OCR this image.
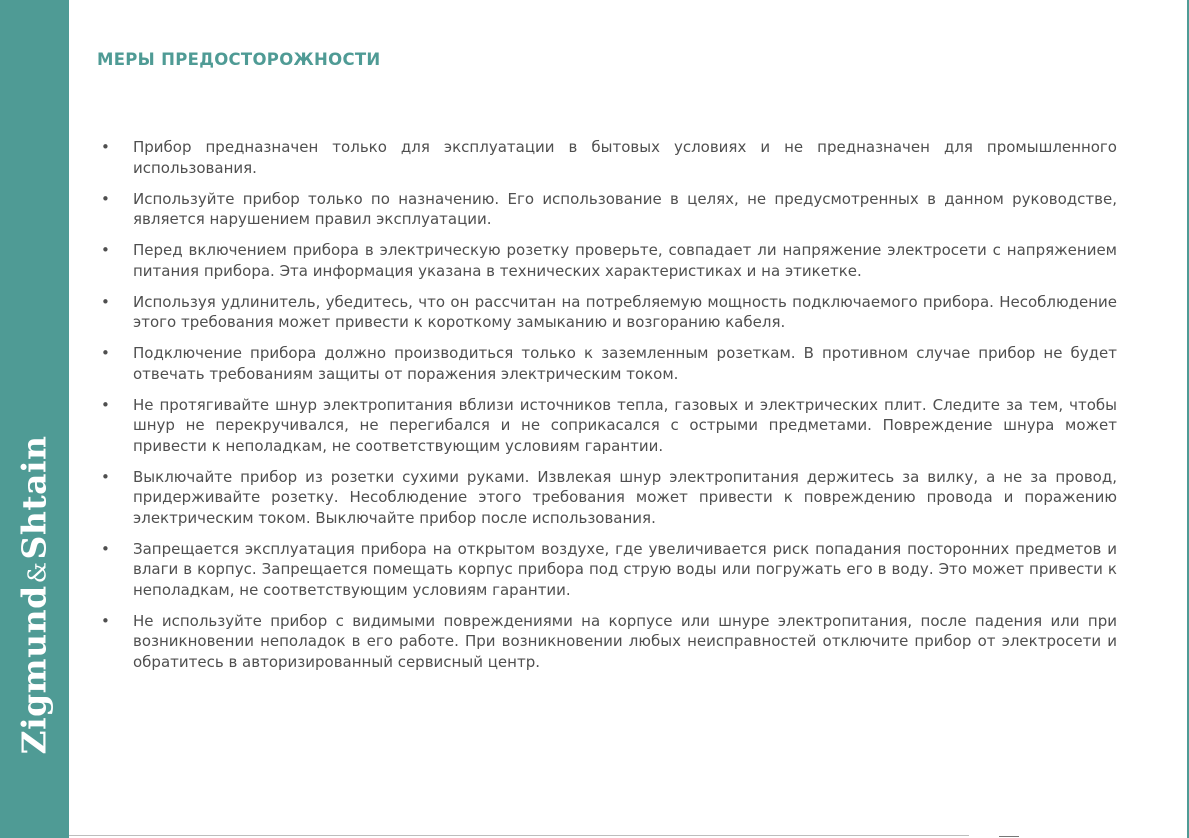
Zigmund&Shtain
МЕРЫ ПРЕДОСТОРОЖНОСТИ
• Прибор предназначен только для эксплуатации в бытовых условиях и не предназначен для промышленного использования.
• Используйте прибор только по назначению. Его использование в целях, не предусмотренных в данном руководстве, является нарушением правил эксплуатации.
• Перед включением прибора в электрическую розетку проверьте, совпадает ли напряжение электросети с напряжением питания прибора. Эта информация указана в технических характеристиках и на этикетке.
• Используя удлинитель, убедитесь, что он рассчитан на потребляемую мощность подключаемого прибора. Несоблюдение этого требования может привести к короткому замыканию и возгоранию кабеля.
• Подключение прибора должно производиться только к заземленным розеткам. В противном случае прибор не будет отвечать требованиям защиты от поражения электрическим током.
• Не протягивайте шнур электропитания вблизи источников тепла, газовых и электрических плит. Следите за тем, чтобы шнур не перекручивался, не перегибался и не соприкасался с острыми предметами. Повреждение шнура может привести к неполадкам, не соответствующим условиям гарантии.
• Выключайте прибор из розетки сухими руками. Извлекая шнур электропитания держитесь за вилку, а не за провод, придерживайте розетку. Несоблюдение этого требования может привести к повреждению провода и поражению электрическим током. Выключайте прибор после использования.
• Запрещается эксплуатация прибора на открытом воздухе, где увеличивается риск попадания посторонних предметов и влаги в корпус. Запрещается помещать корпус прибора под струю воды или погружать его в воду. Это может привести к неполадкам, не соответствующим условиям гарантии.
• Не используйте прибор с видимыми повреждениями на корпусе или шнуре электропитания, после падения или при возникновении неполадок в его работе. При возникновении любых неисправностей отключите прибор от электросети и обратитесь в авторизированный сервисный центр.
